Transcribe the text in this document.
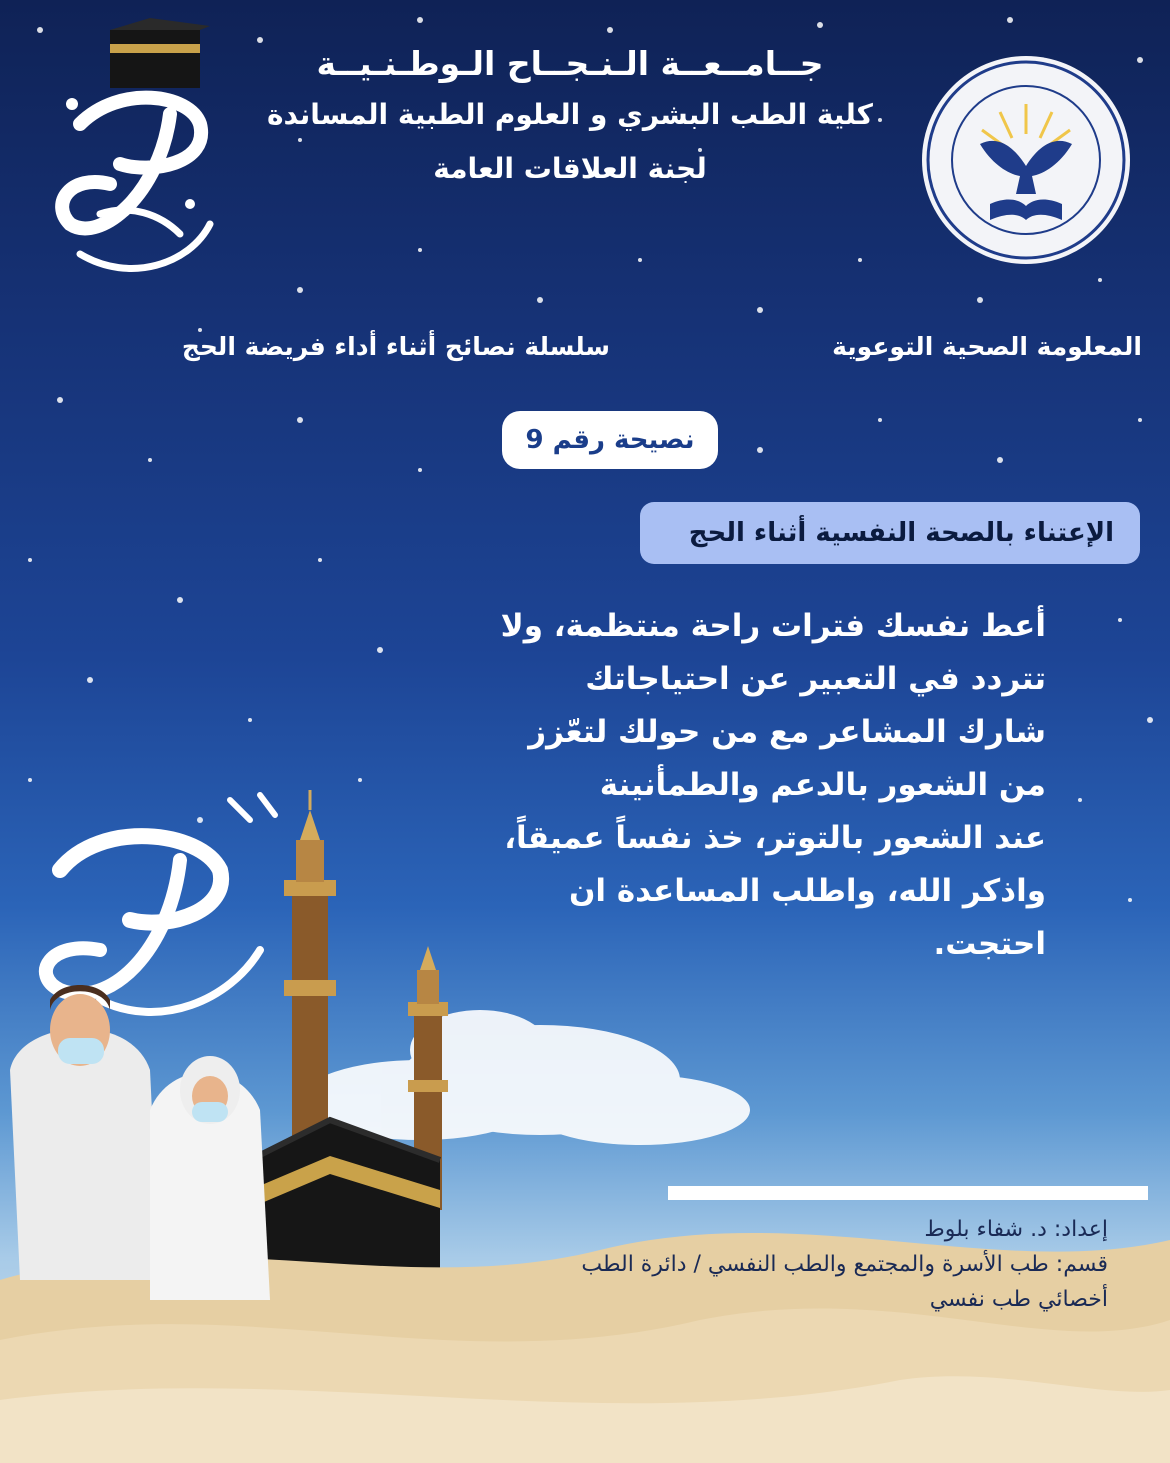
جــامــعــة الـنـجــاح الـوطـنـيــة
كلية الطب البشري و العلوم الطبية المساندة
لجنة العلاقات العامة
المعلومة الصحية التوعوية
سلسلة نصائح أثناء أداء فريضة الحج
نصيحة رقم 9
الإعتناء بالصحة النفسية أثناء الحج
أعط نفسك فترات راحة منتظمة، ولا
تتردد في التعبير عن احتياجاتك
شارك المشاعر مع من حولك لتعّزز
من الشعور بالدعم والطمأنينة
عند الشعور بالتوتر، خذ نفساً عميقاً،
واذكر الله، واطلب المساعدة ان
احتجت.
إعداد: د. شفاء بلوط
قسم: طب الأسرة والمجتمع والطب النفسي / دائرة الطب
أخصائي طب نفسي
